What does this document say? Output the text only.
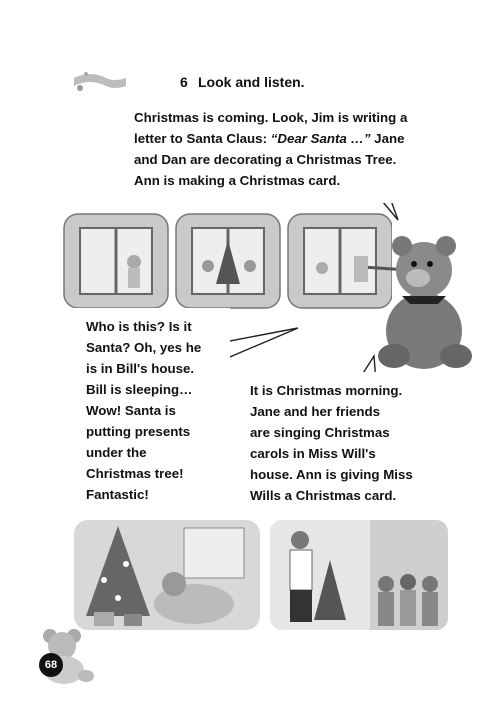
6 Look and listen.

Christmas is coming. Look, Jim is writing a

letter to Santa Claus: “Dear Santa …” Jane

and Dan are decorating a Christmas Tree.

Ann is making a Christmas card.

Who is this? Is it

Santa? Oh, yes he

is in Bill's house.

Bill is sleeping…

Wow! Santa is

putting presents

under the

Christmas tree!

Fantastic!

It is Christmas morning.

Jane and her friends

are singing Christmas

carols in Miss Will's

house. Ann is giving Miss

Wills a Christmas card.

68
